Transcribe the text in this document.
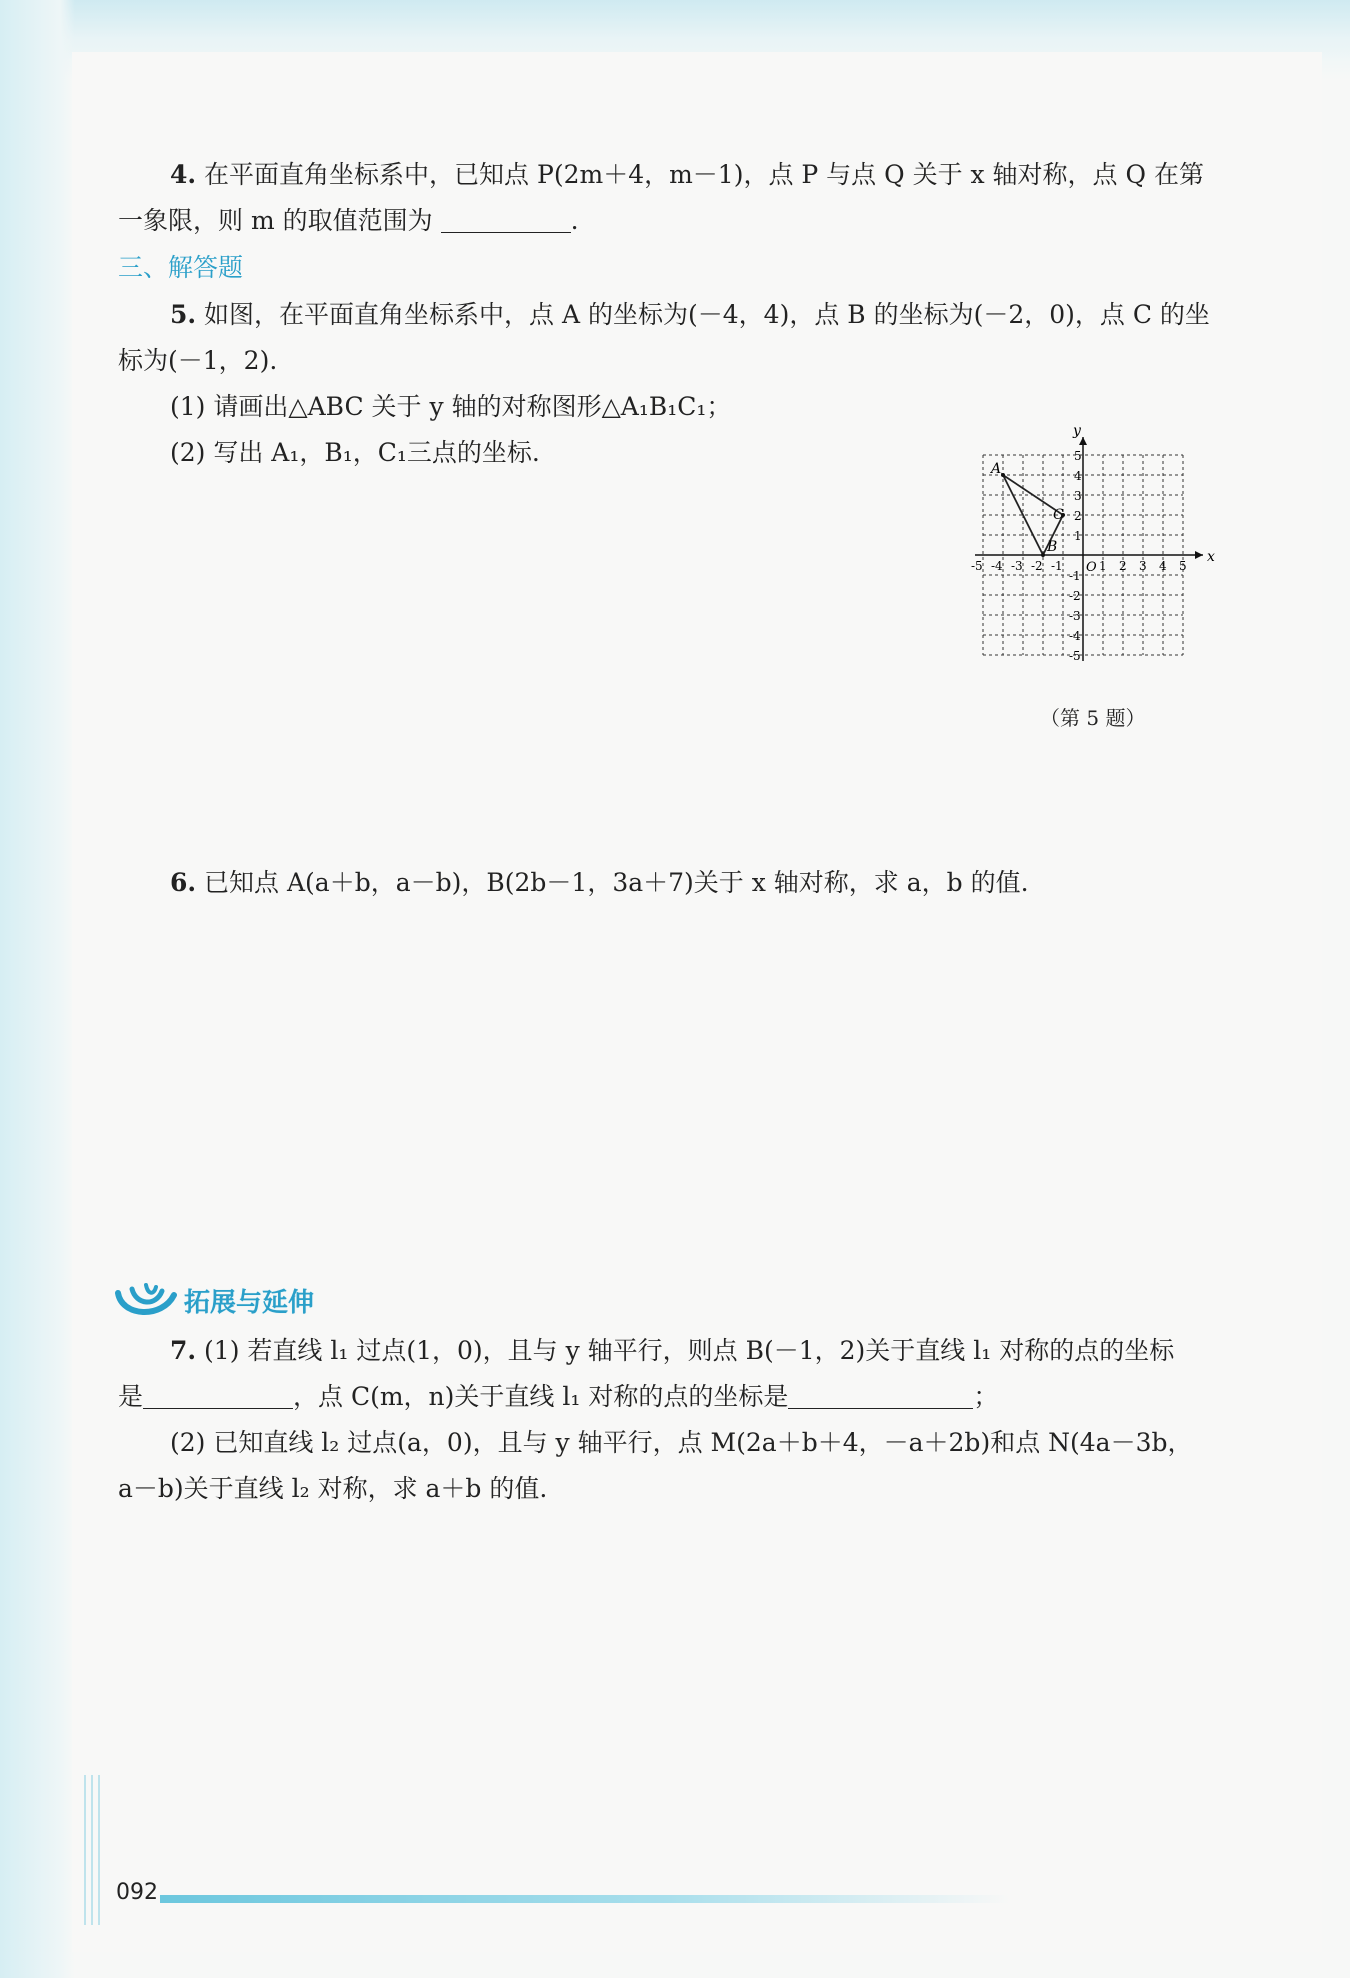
4. 在平面直角坐标系中，已知点 P(2m＋4，m－1)，点 P 与点 Q 关于 x 轴对称，点 Q 在第
一象限，则 m 的取值范围为	.
三、解答题
5. 如图，在平面直角坐标系中，点 A 的坐标为(－4，4)，点 B 的坐标为(－2，0)，点 C 的坐
标为(－1，2).
(1) 请画出△ABC 关于 y 轴的对称图形△A₁B₁C₁；
(2) 写出 A₁，B₁，C₁三点的坐标.
x
y
O
-5 -4 -3 -2 -1	1 2 3 4 5
5
4
3
2
1
-1
-2
-3
-4
-5
A
B
C
（第 5 题）
6. 已知点 A(a＋b，a－b)，B(2b－1，3a＋7)关于 x 轴对称，求 a，b 的值.
拓展与延伸
7. (1) 若直线 l₁ 过点(1，0)，且与 y 轴平行，则点 B(－1，2)关于直线 l₁ 对称的点的坐标
是	，点 C(m，n)关于直线 l₁ 对称的点的坐标是	；
(2) 已知直线 l₂ 过点(a，0)，且与 y 轴平行，点 M(2a＋b＋4，－a＋2b)和点 N(4a－3b，
a－b)关于直线 l₂ 对称，求 a＋b 的值.
092
